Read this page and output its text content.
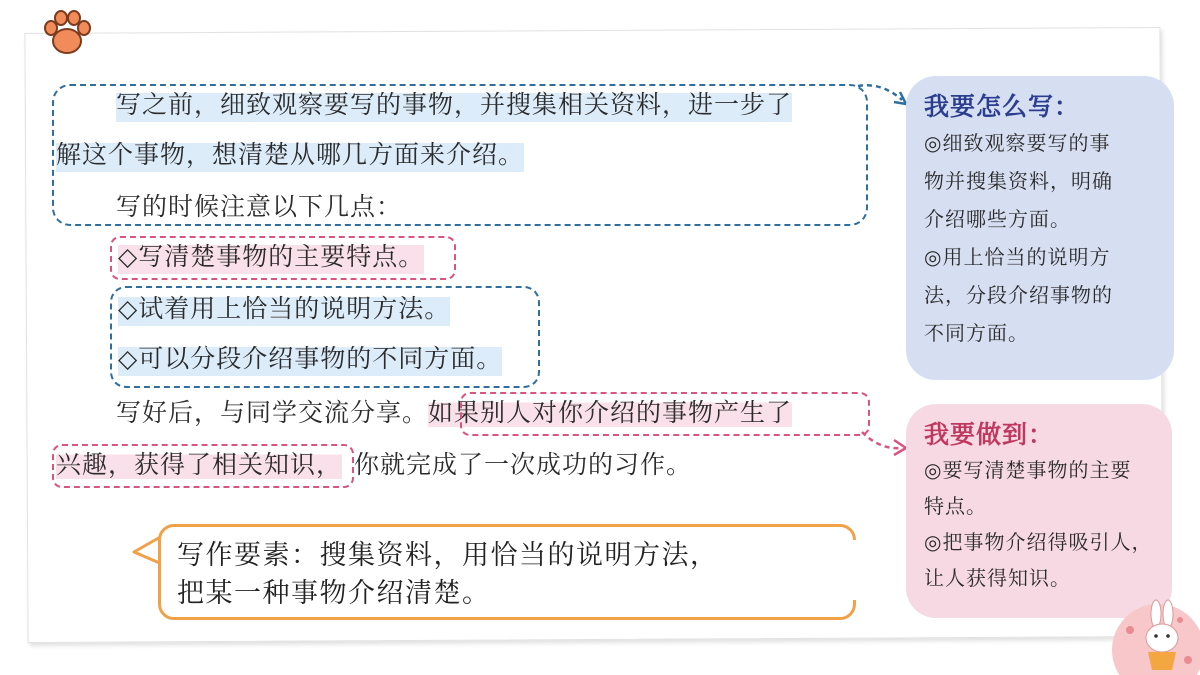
写之前，细致观察要写的事物，并搜集相关资料，进一步了
解这个事物，想清楚从哪几方面来介绍。
写的时候注意以下几点：
◇写清楚事物的主要特点。
◇试着用上恰当的说明方法。
◇可以分段介绍事物的不同方面。
写好后，与同学交流分享。如果别人对你介绍的事物产生了
兴趣，获得了相关知识， 你就完成了一次成功的习作。
我要怎么写：
◎细致观察要写的事
物并搜集资料，明确
介绍哪些方面。
◎用上恰当的说明方
法，分段介绍事物的
不同方面。
我要做到：
◎要写清楚事物的主要
特点。
◎把事物介绍得吸引人，
让人获得知识。
写作要素：搜集资料，用恰当的说明方法，
把某一种事物介绍清楚。
